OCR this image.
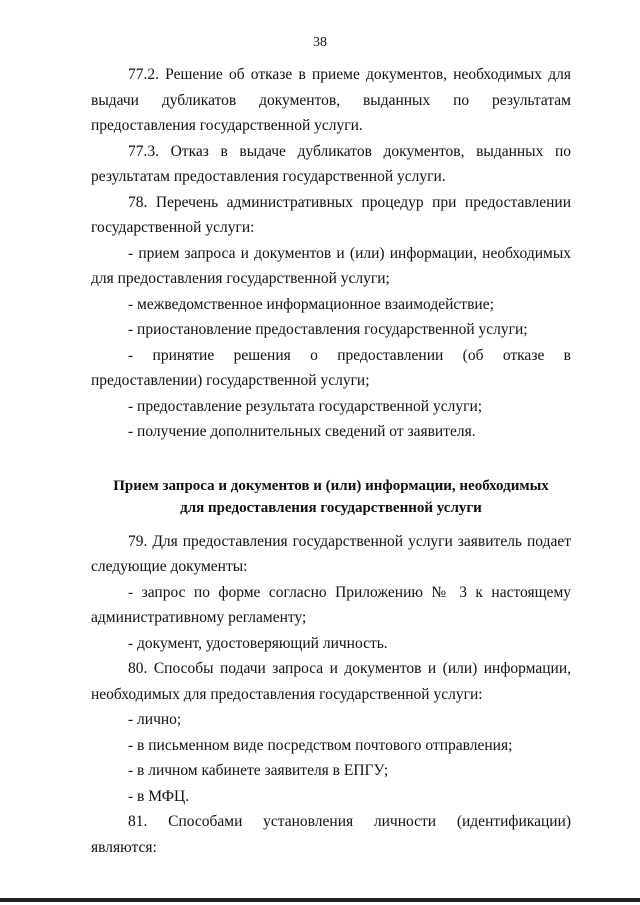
38

77.2. Решение об отказе в приеме документов, необходимых для выдачи дубликатов документов, выданных по результатам предоставления государственной услуги.

77.3. Отказ в выдаче дубликатов документов, выданных по результатам предоставления государственной услуги.

78. Перечень административных процедур при предоставлении государственной услуги:

- прием запроса и документов и (или) информации, необходимых для предоставления государственной услуги;

- межведомственное информационное взаимодействие;

- приостановление предоставления государственной услуги;

- принятие решения о предоставлении (об отказе в предоставлении) государственной услуги;

- предоставление результата государственной услуги;

- получение дополнительных сведений от заявителя.

Прием запроса и документов и (или) информации, необходимых
для предоставления государственной услуги

79. Для предоставления государственной услуги заявитель подает следующие документы:

- запрос по форме согласно Приложению № 3 к настоящему административному регламенту;

- документ, удостоверяющий личность.

80. Способы подачи запроса и документов и (или) информации, необходимых для предоставления государственной услуги:

- лично;

- в письменном виде посредством почтового отправления;

- в личном кабинете заявителя в ЕПГУ;

- в МФЦ.

81. Способами установления личности (идентификации) являются:
